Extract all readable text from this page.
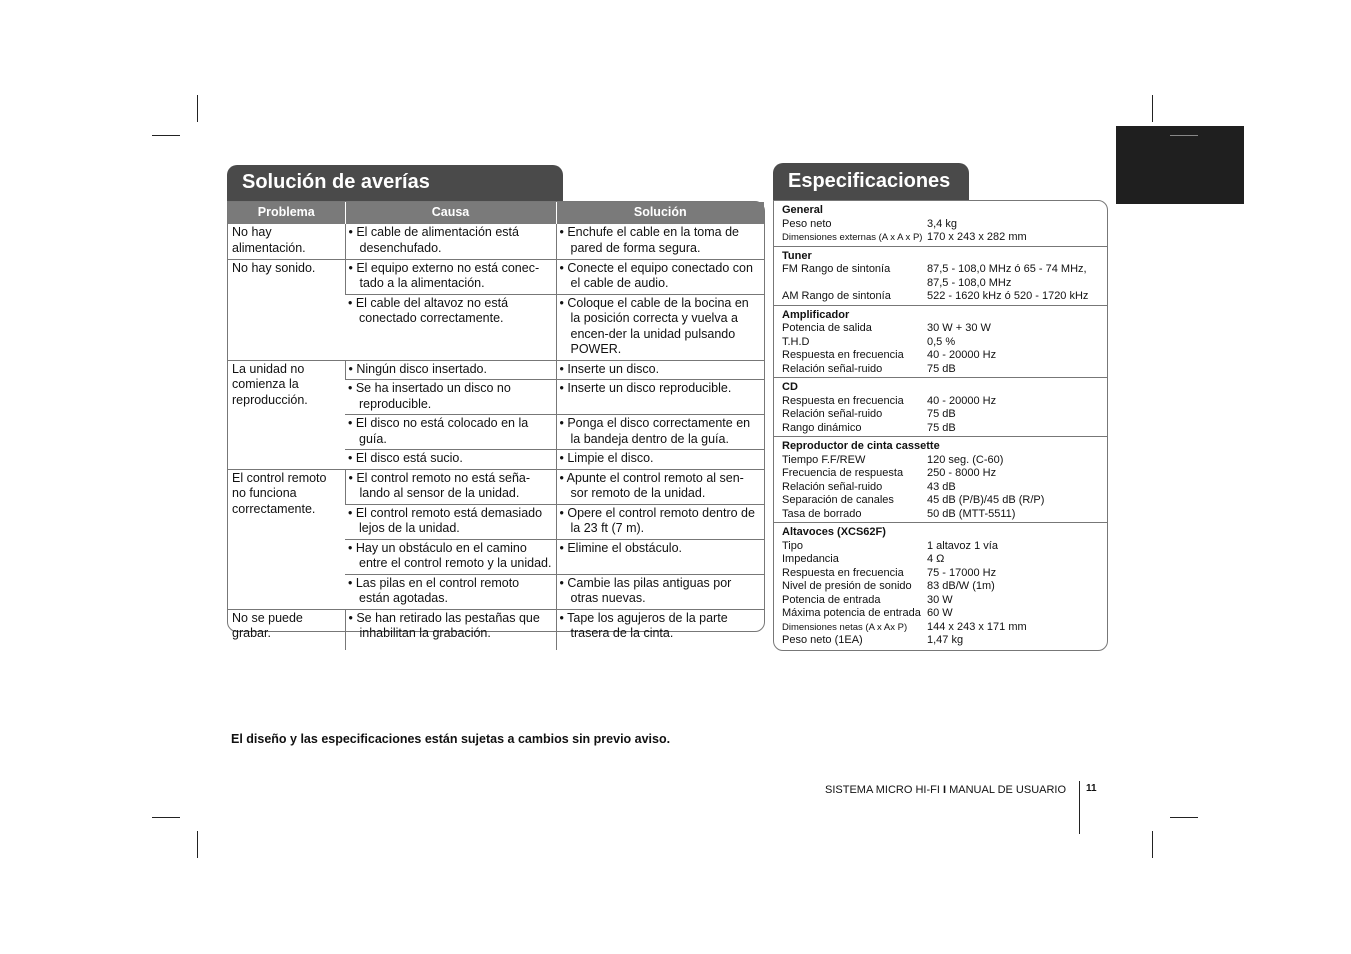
Solución de averías
Problema	Causa	Solución
No hay alimentación.	• El cable de alimentación está desenchufado.	• Enchufe el cable en la toma de pared de forma segura.
No hay sonido.	• El equipo externo no está conec-tado a la alimentación.	• Conecte el equipo conectado con el cable de audio.
	• El cable del altavoz no está conectado correctamente.	• Coloque el cable de la bocina en la posición correcta y vuelva a encen-der la unidad pulsando POWER.
La unidad no comienza la reproducción.	• Ningún disco insertado.	• Inserte un disco.
	• Se ha insertado un disco no reproducible.	• Inserte un disco reproducible.
	• El disco no está colocado en la guía.	• Ponga el disco correctamente en la bandeja dentro de la guía.
	• El disco está sucio.	• Limpie el disco.
El control remoto no funciona correctamente.	• El control remoto no está seña-lando al sensor de la unidad.	• Apunte el control remoto al sen-sor remoto de la unidad.
	• El control remoto está demasiado lejos de la unidad.	• Opere el control remoto dentro de la 23 ft (7 m).
	• Hay un obstáculo en el camino entre el control remoto y la unidad.	• Elimine el obstáculo.
	• Las pilas en el control remoto están agotadas.	• Cambie las pilas antiguas por otras nuevas.
No se puede grabar.	• Se han retirado las pestañas que inhabilitan la grabación.	• Tape los agujeros de la parte trasera de la cinta.
Especificaciones
General
Peso neto	3,4 kg
Dimensiones externas (A x A x P) 170 x 243 x 282 mm
Tuner
FM Rango de sintonía	87,5 - 108,0 MHz ó 65 - 74 MHz,
87,5 - 108,0 MHz
AM Rango de sintonía	522 - 1620 kHz ó 520 - 1720 kHz
Amplificador
Potencia de salida	30 W + 30 W
T.H.D	0,5 %
Respuesta en frecuencia	40 - 20000 Hz
Relación señal-ruido	75 dB
CD
Respuesta en frecuencia	40 - 20000 Hz
Relación señal-ruido	75 dB
Rango dinámico	75 dB
Reproductor de cinta cassette
Tiempo F.F/REW	120 seg. (C-60)
Frecuencia de respuesta	250 - 8000 Hz
Relación señal-ruido	43 dB
Separación de canales	45 dB (P/B)/45 dB (R/P)
Tasa de borrado	50 dB (MTT-5511)
Altavoces (XCS62F)
Tipo	1 altavoz 1 vía
Impedancia	4 Ω
Respuesta en frecuencia	75 - 17000 Hz
Nivel de presión de sonido	83 dB/W (1m)
Potencia de entrada	30 W
Máxima potencia de entrada 60 W
Dimensiones netas (A x Ax P)	144 x 243 x 171 mm
Peso neto (1EA)	1,47 kg
El diseño y las especificaciones están sujetas a cambios sin previo aviso.
SISTEMA MICRO HI-FI I MANUAL DE USUARIO 11
